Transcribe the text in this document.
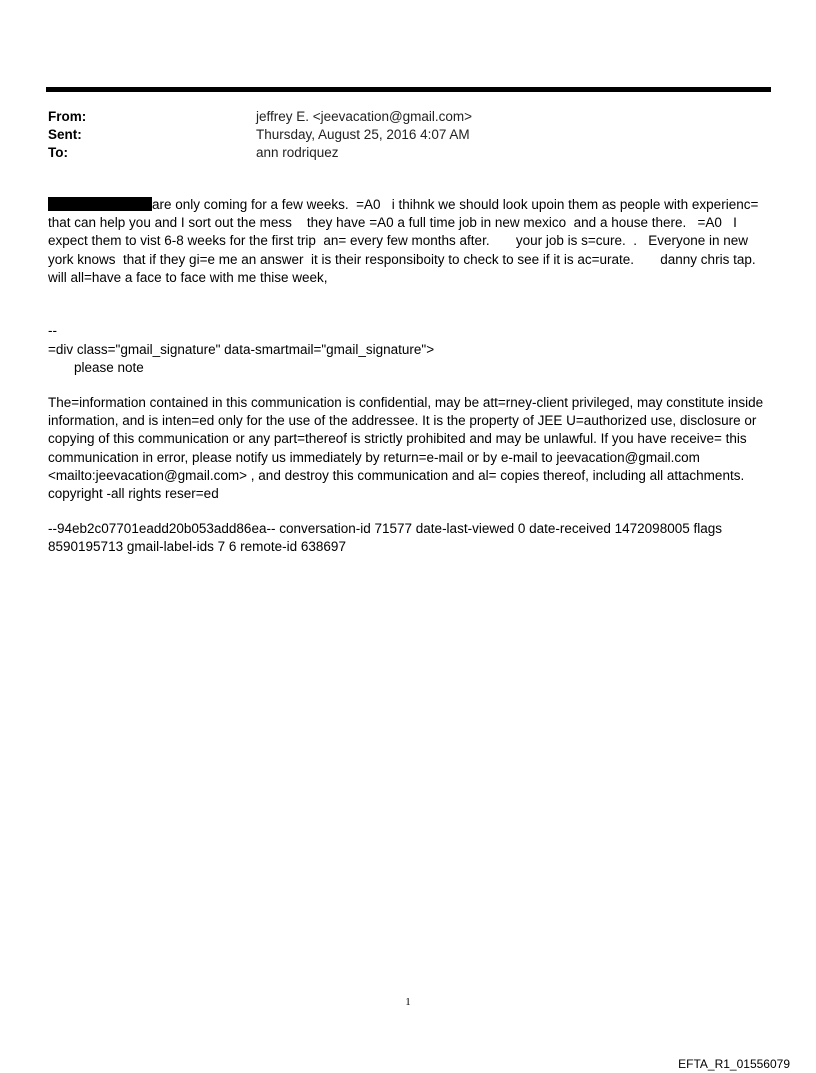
From:	jeffrey E. <jeevacation@gmail.com>
Sent:	Thursday, August 25, 2016 4:07 AM
To:	ann rodriquez
are only coming for a few weeks.  =A0   i thihnk we should look upoin them as people with experienc= that can help you and I sort out the mess    they have =A0 a full time job in new mexico  and a house there.   =A0   I expect them to vist 6-8 weeks for the first trip  an= every few months after.       your job is s=cure.  .   Everyone in new york knows  that if they gi=e me an answer  it is their responsiboity to check to see if it is ac=urate.       danny chris tap. will all=have a face to face with me thise week,
--
=div class="gmail_signature" data-smartmail="gmail_signature">
please note
The=information contained in this communication is confidential, may be att=rney-client privileged, may constitute inside information, and is inten=ed only for the use of the addressee. It is the property of JEE U=authorized use, disclosure or copying of this communication or any part=thereof is strictly prohibited and may be unlawful. If you have receive= this communication in error, please notify us immediately by return=e-mail or by e-mail to jeevacation@gmail.com <mailto:jeevacation@gmail.com> , and destroy this communication and al= copies thereof, including all attachments. copyright -all rights reser=ed
--94eb2c07701eadd20b053add86ea-- conversation-id 71577 date-last-viewed 0 date-received 1472098005 flags 8590195713 gmail-label-ids 7 6 remote-id 638697
1
EFTA_R1_01556079
